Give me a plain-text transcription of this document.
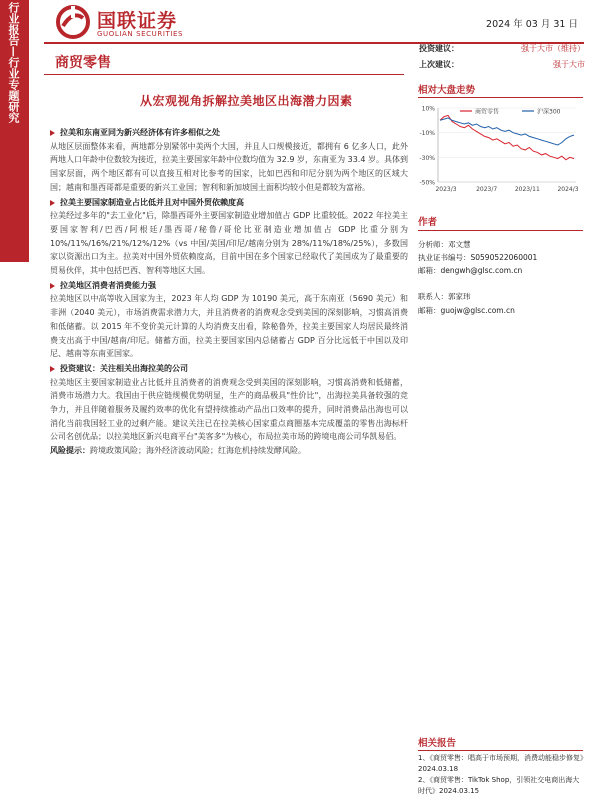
行业报告—行业专题研究	国联证券
GUOLIAN SECURITIES
2024 年 03 月 31 日
商贸零售
投资建议：	强于大市（维持）
上次建议：	强于大市
从宏观视角拆解拉美地区出海潜力因素
拉美和东南亚同为新兴经济体有许多相似之处
从地区层面整体来看，两地都分别紧邻中美两个大国，并且人口规模接近，都拥有 6 亿多人口，此外两地人口年龄中位数较为接近，拉美主要国家年龄中位数均值为 32.9 岁，东南亚为 33.4 岁。具体到国家层面，两个地区都有可以直接互相对比参考的国家，比如巴西和印尼分别为两个地区的区域大国；越南和墨西哥都是重要的新兴工业国；智利和新加坡国土面积均较小但是都较为富裕。
拉美主要国家制造业占比低并且对中国外贸依赖度高
拉美经过多年的"去工业化"后，除墨西哥外主要国家制造业增加值占 GDP 比重较低。2022 年拉美主要国家智利/巴西/阿根廷/墨西哥/秘鲁/哥伦比亚制造业增加值占 GDP 比重分别为 10%/11%/16%/21%/12%/12%（vs 中国/美国/印尼/越南分别为 28%/11%/18%/25%），多数国家以资源出口为主。拉美对中国外贸依赖度高，目前中国在多个国家已经取代了美国成为了最重要的贸易伙伴，其中包括巴西、智利等地区大国。
拉美地区消费者消费能力强
拉美地区以中高等收入国家为主，2023 年人均 GDP 为 10190 美元，高于东南亚（5690 美元）和非洲（2040 美元），市场消费需求潜力大，并且消费者的消费观念受到美国的深刻影响，习惯高消费和低储蓄。以 2015 年不变价美元计算的人均消费支出看，除秘鲁外，拉美主要国家人均居民最终消费支出高于中国/越南/印尼。储蓄方面，拉美主要国家国内总储蓄占 GDP 百分比远低于中国以及印尼、越南等东南亚国家。
投资建议：关注相关出海拉美的公司
拉美地区主要国家制造业占比低并且消费者的消费观念受到美国的深刻影响，习惯高消费和低储蓄，消费市场潜力大。我国由于供应链规模优势明显，生产的商品极具"性价比"，出海拉美具备较强的竞争力，并且伴随着服务及履约效率的优化有望持续推动产品出口效率的提升，同时消费品出海也可以消化当前我国轻工业的过剩产能。建议关注已在拉美核心国家重点商圈基本完成覆盖的零售出海标杆公司名创优品；以拉美地区新兴电商平台"美客多"为核心，布局拉美市场的跨境电商公司华凯易佰。
风险提示：跨境政策风险；海外经济波动风险；红海危机持续发酵风险。
相对大盘走势
10%
-10%
-30%
-50%
2023/3	2023/7	2023/11	2024/3
商贸零售	沪深300
作者
分析师：邓文慧
执业证书编号：S0590522060001
邮箱：dengwh@glsc.com.cn
联系人：郭家玮
邮箱：guojw@glsc.com.cn
相关报告
1、《商贸零售：唱高于市场预期，消费动能稳步修复》2024.03.18
2、《商贸零售：TikTok Shop，引领社交电商出海大时代》2024.03.15
